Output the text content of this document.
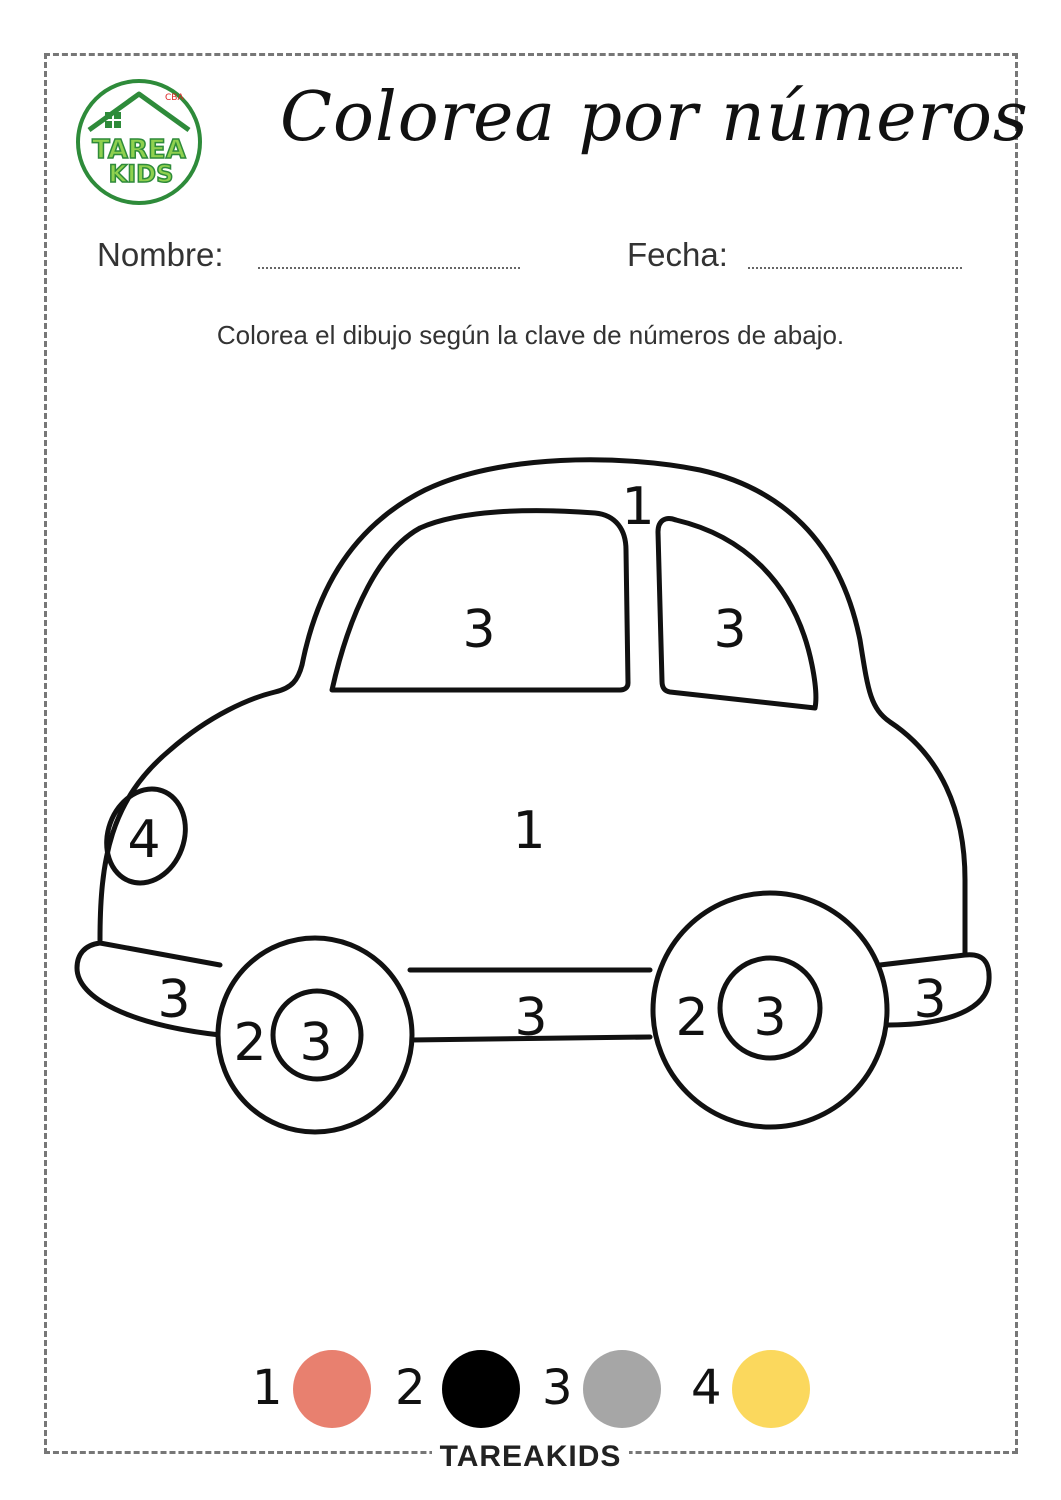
CBA
TAREA
KIDS
Colorea por números
Nombre:	Fecha:
Colorea el dibujo según la clave de números de abajo.
1
3	3
1
4
3
2 3	3 2 3 3
1 2 3 4
TAREAKIDS
